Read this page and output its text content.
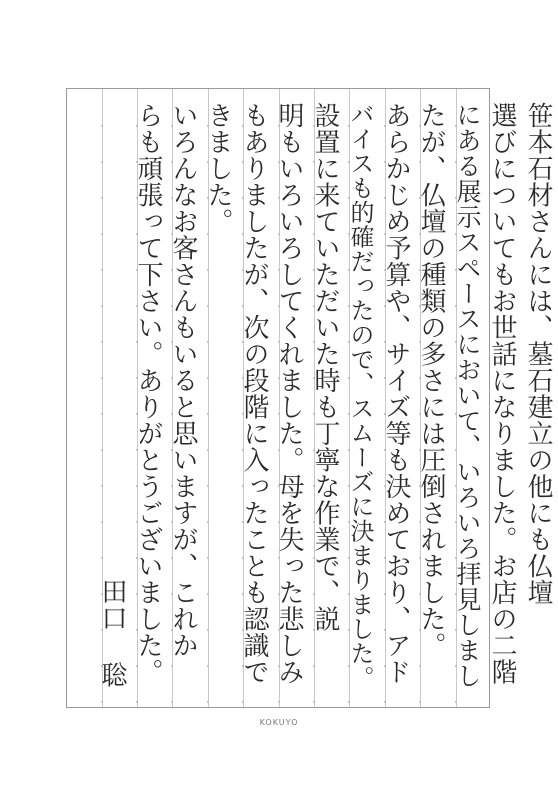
笹本石材さんには、墓石建立の他にも仏壇
選びについてもお世話になりました。お店の二階
にある展示スペースにおいて、いろいろ拝見しまし
たが、仏壇の種類の多さには圧倒されました。
あらかじめ予算や、サイズ等も決めており、アド
バイスも的確だったので、スムーズに決まりました。
設置に来ていただいた時も丁寧な作業で、説
明もいろいろしてくれました。母を失った悲しみ
もありましたが、次の段階に入ったことも認識で
きました。
いろんなお客さんもいると思いますが、これか
らも頑張って下さい。ありがとうございました。
田口 聡
KOKUYO
